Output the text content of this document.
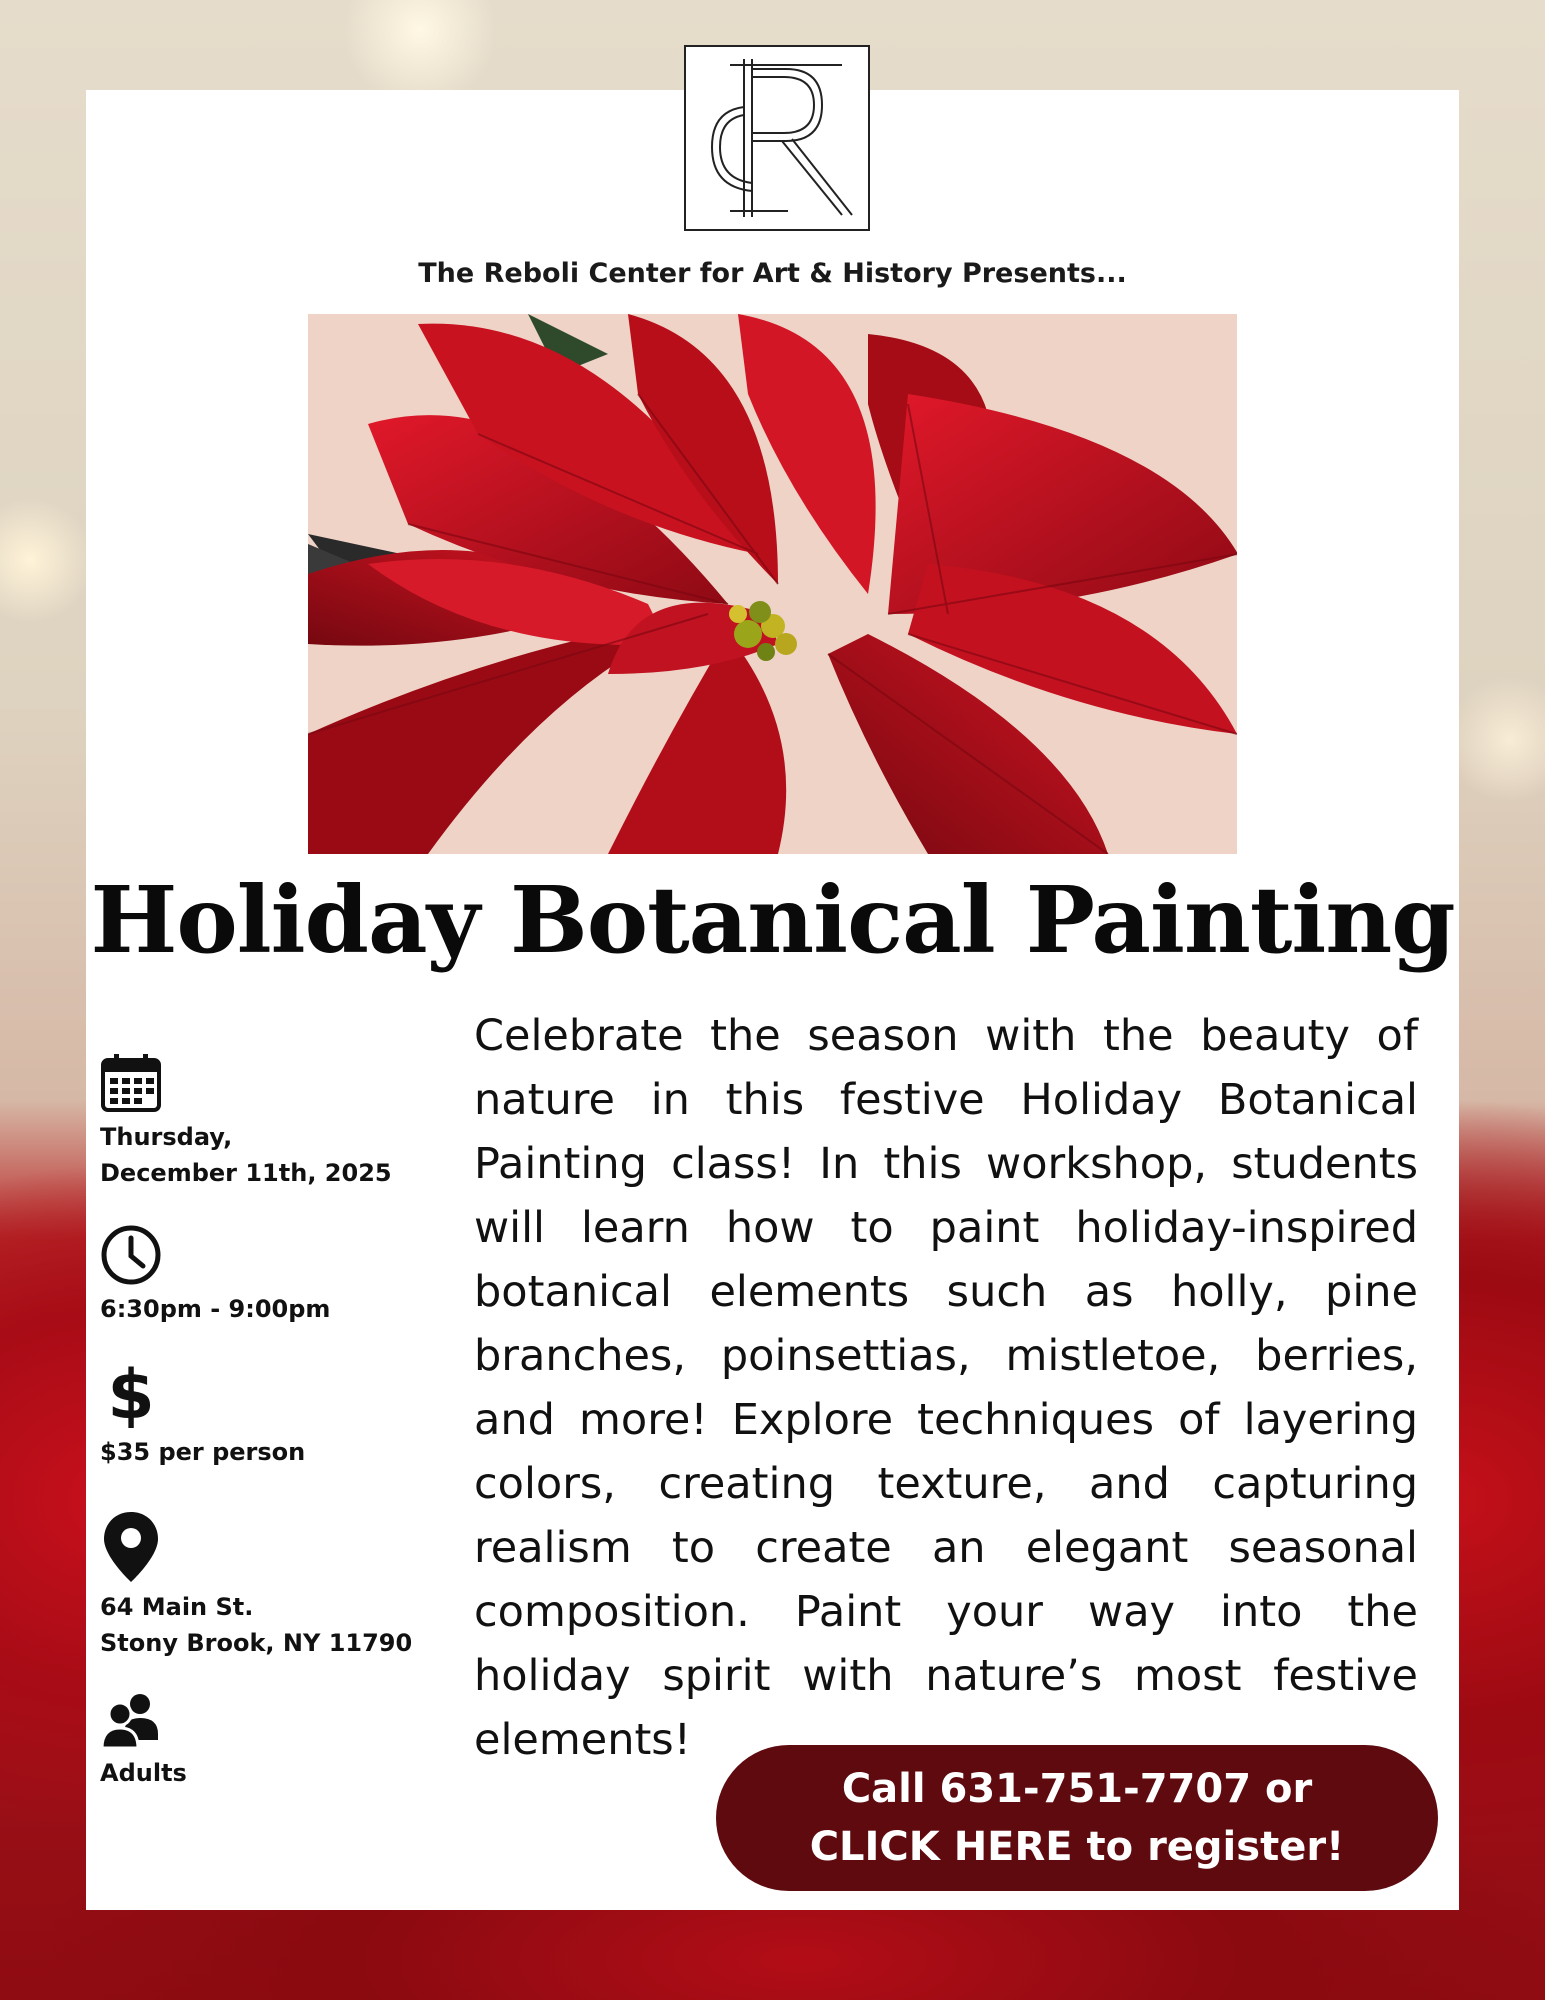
The Reboli Center for Art & History Presents...
Holiday Botanical Painting
Thursday,
December 11th, 2025
6:30pm - 9:00pm
$
$35 per person
64 Main St.
Stony Brook, NY 11790
Adults
Celebrate the season with the beauty of nature in this festive Holiday Botanical Painting class! In this workshop, students will learn how to paint holiday-inspired botanical elements such as holly, pine branches, poinsettias, mistletoe, berries, and more! Explore techniques of layering colors, creating texture, and capturing realism to create an elegant seasonal composition. Paint your way into the holiday spirit with nature’s most festive elements!
Call 631-751-7707 or
CLICK HERE to register!
